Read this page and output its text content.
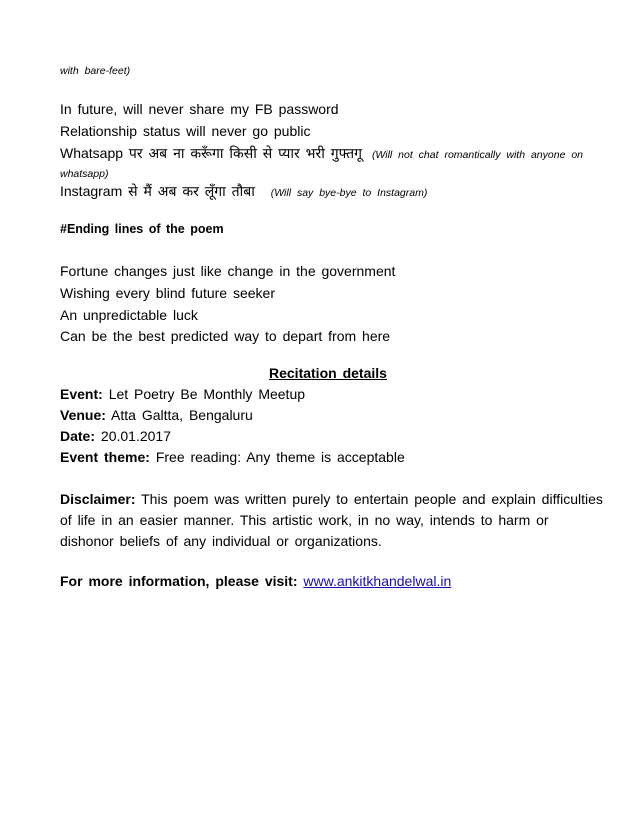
with bare-feet)
In future, will never share my FB password
Relationship status will never go public
Whatsapp पर अब ना करूँगा किसी से प्यार भरी गुफ्तगू (Will not chat romantically with anyone on
whatsapp)
Instagram से मैं अब कर लूँगा तौबा (Will say bye-bye to Instagram)
#Ending lines of the poem
Fortune changes just like change in the government
Wishing every blind future seeker
An unpredictable luck
Can be the best predicted way to depart from here
Recitation details
Event: Let Poetry Be Monthly Meetup
Venue: Atta Galtta, Bengaluru
Date: 20.01.2017
Event theme: Free reading: Any theme is acceptable
Disclaimer: This poem was written purely to entertain people and explain difficulties
of life in an easier manner. This artistic work, in no way, intends to harm or
dishonor beliefs of any individual or organizations.
For more information, please visit: www.ankitkhandelwal.in
